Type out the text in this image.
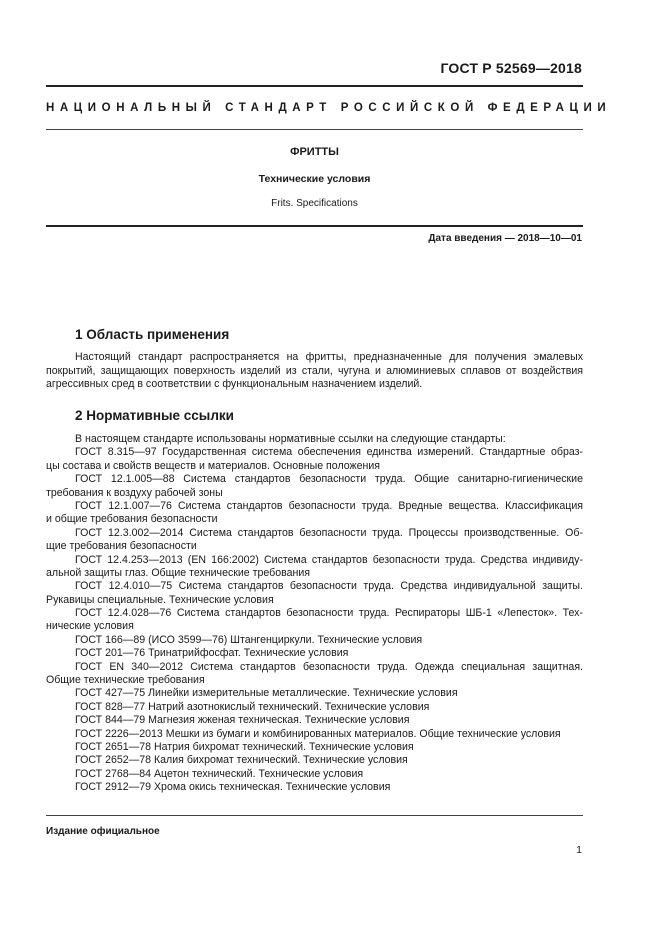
ГОСТ Р 52569—2018
НАЦИОНАЛЬНЫЙ СТАНДАРТ РОССИЙСКОЙ ФЕДЕРАЦИИ
ФРИТТЫ
Технические условия
Frits. Specifications
Дата введения — 2018—10—01
1 Область применения
Настоящий стандарт распространяется на фритты, предназначенные для получения эмалевых покрытий, защищающих поверхность изделий из стали, чугуна и алюминиевых сплавов от воздействия агрессивных сред в соответствии с функциональным назначением изделий.
2 Нормативные ссылки
В настоящем стандарте использованы нормативные ссылки на следующие стандарты:
ГОСТ 8.315—97 Государственная система обеспечения единства измерений. Стандартные образ-
цы состава и свойств веществ и материалов. Основные положения
ГОСТ 12.1.005—88 Система стандартов безопасности труда. Общие санитарно-гигиенические
требования к воздуху рабочей зоны
ГОСТ 12.1.007—76 Система стандартов безопасности труда. Вредные вещества. Классификация
и общие требования безопасности
ГОСТ 12.3.002—2014 Система стандартов безопасности труда. Процессы производственные. Об-
щие требования безопасности
ГОСТ 12.4.253—2013 (EN 166:2002) Система стандартов безопасности труда. Средства индивиду-
альной защиты глаз. Общие технические требования
ГОСТ 12.4.010—75 Система стандартов безопасности труда. Средства индивидуальной защиты.
Рукавицы специальные. Технические условия
ГОСТ 12.4.028—76 Система стандартов безопасности труда. Респираторы ШБ-1 «Лепесток». Тех-
нические условия
ГОСТ 166—89 (ИСО 3599—76) Штангенциркули. Технические условия
ГОСТ 201—76 Тринатрийфосфат. Технические условия
ГОСТ EN 340—2012 Система стандартов безопасности труда. Одежда специальная защитная.
Общие технические требования
ГОСТ 427—75 Линейки измерительные металлические. Технические условия
ГОСТ 828—77 Натрий азотнокислый технический. Технические условия
ГОСТ 844—79 Магнезия жженая техническая. Технические условия
ГОСТ 2226—2013 Мешки из бумаги и комбинированных материалов. Общие технические условия
ГОСТ 2651—78 Натрия бихромат технический. Технические условия
ГОСТ 2652—78 Калия бихромат технический. Технические условия
ГОСТ 2768—84 Ацетон технический. Технические условия
ГОСТ 2912—79 Хрома окись техническая. Технические условия
Издание официальное
1
